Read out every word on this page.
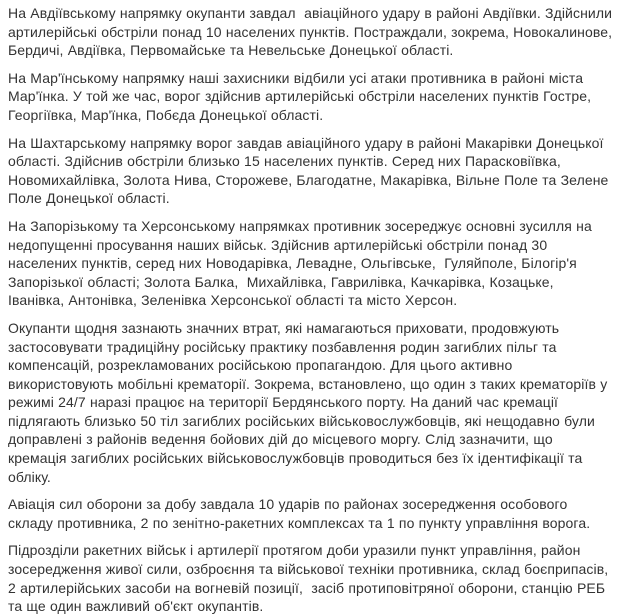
На Авдіївському напрямку окупанти завдал  авіаційного удару в районі Авдіївки. Здійснили артилерійські обстріли понад 10 населених пунктів. Постраждали, зокрема, Новокалинове, Бердичі, Авдіївка, Первомайське та Невельське Донецької області.

На Мар'їнському напрямку наші захисники відбили усі атаки противника в районі міста Мар'їнка. У той же час, ворог здійснив артилерійські обстріли населених пунктів Гостре, Георгіївка, Мар'їнка, Побєда Донецької області.

На Шахтарському напрямку ворог завдав авіаційного удару в районі Макарівки Донецької області. Здійснив обстріли близько 15 населених пунктів. Серед них Парасковіївка, Новомихайлівка, Золота Нива, Сторожеве, Благодатне, Макарівка, Вільне Поле та Зелене Поле Донецької області.

На Запорізькому та Херсонському напрямках противник зосереджує основні зусилля на недопущенні просування наших військ. Здійснив артилерійські обстріли понад 30 населених пунктів, серед них Новодарівка, Левадне, Ольгівське,  Гуляйполе, Білогір'я Запорізької області; Золота Балка,  Михайлівка, Гаврилівка, Качкарівка, Козацьке, Іванівка, Антонівка, Зеленівка Херсонської області та місто Херсон.

Окупанти щодня зазнають значних втрат, які намагаються приховати, продовжують застосовувати традиційну російську практику позбавлення родин загиблих пільг та компенсацій, розрекламованих російською пропагандою. Для цього активно використовують мобільні крематорії. Зокрема, встановлено, що один з таких крематоріїв у режимі 24/7 наразі працює на території Бердянського порту. На даний час кремації підлягають близько 50 тіл загиблих російських військовослужбовців, які нещодавно були доправлені з районів ведення бойових дій до місцевого моргу. Слід зазначити, що кремація загиблих російських військовослужбовців проводиться без їх ідентифікації та обліку.

Авіація сил оборони за добу завдала 10 ударів по районах зосередження особового складу противника, 2 по зенітно-ракетних комплексах та 1 по пункту управління ворога.

Підрозділи ракетних військ і артилерії протягом доби уразили пункт управління, район зосередження живої сили, озброєння та військової техніки противника, склад боєприпасів, 2 артилерійських засоби на вогневій позиції,  засіб протиповітряної оборони, станцію РЕБ та ще один важливий об'єкт окупантів.
